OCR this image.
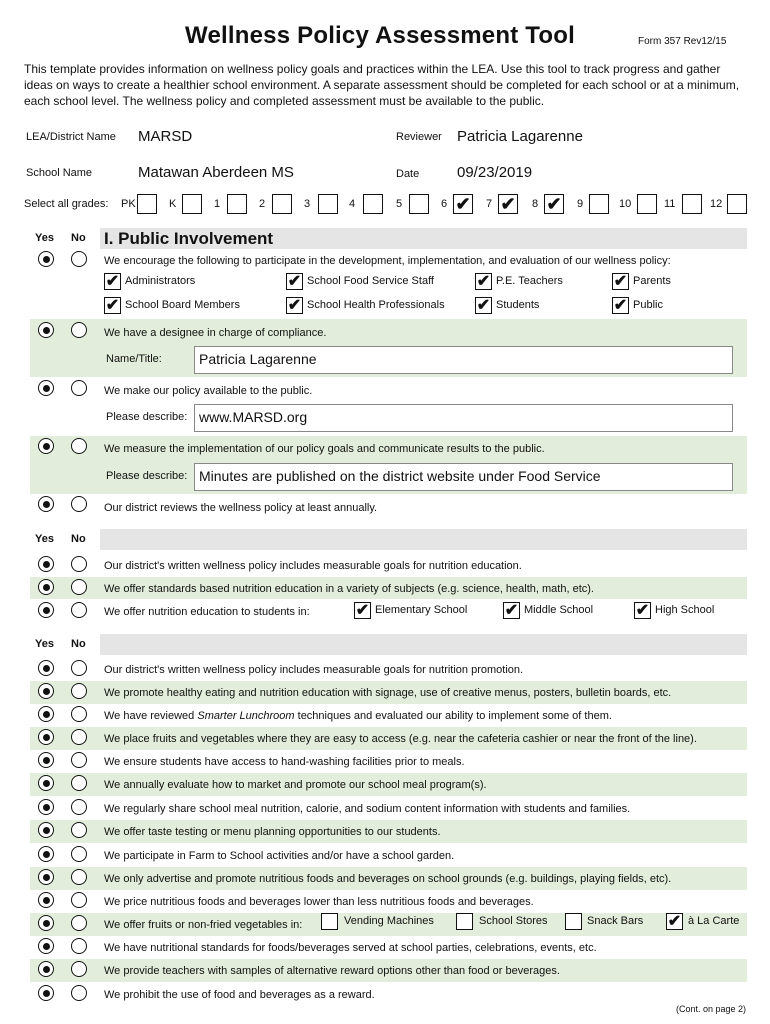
Wellness Policy Assessment Tool	Form 357 Rev12/15
This template provides information on wellness policy goals and practices within the LEA. Use this tool to track progress and gather ideas on ways to create a healthier school environment. A separate assessment should be completed for each school or at a minimum, each school level. The wellness policy and completed assessment must be available to the public.
LEA/District Name MARSD	Reviewer Patricia Lagarenne
School Name	Matawan Aberdeen MS	Date	09/23/2019
Select all grades: PK	K	1	2	3	4	5	6 ✔ 7 ✔ 8 ✔ 9	10	11	12
Yes No I. Public Involvement
We encourage the following to participate in the development, implementation, and evaluation of our wellness policy:
✔ Administrators	✔ School Food Service Staff	✔ P.E. Teachers	✔ Parents
✔ School Board Members	✔ School Health Professionals ✔ Students	✔ Public
We have a designee in charge of compliance.
Name/Title:	Patricia Lagarenne
We make our policy available to the public.
Please describe: www.MARSD.org
We measure the implementation of our policy goals and communicate results to the public.
Please describe: Minutes are published on the district website under Food Service
Our district reviews the wellness policy at least annually.
Yes No
Our district's written wellness policy includes measurable goals for nutrition education.
We offer standards based nutrition education in a variety of subjects (e.g. science, health, math, etc).
We offer nutrition education to students in:	✔ Elementary School ✔ Middle School	✔ High School
Yes No
Our district's written wellness policy includes measurable goals for nutrition promotion.
We promote healthy eating and nutrition education with signage, use of creative menus, posters, bulletin boards, etc.
We have reviewed Smarter Lunchroom techniques and evaluated our ability to implement some of them.
We place fruits and vegetables where they are easy to access (e.g. near the cafeteria cashier or near the front of the line).
We ensure students have access to hand-washing facilities prior to meals.
We annually evaluate how to market and promote our school meal program(s).
We regularly share school meal nutrition, calorie, and sodium content information with students and families.
We offer taste testing or menu planning opportunities to our students.
We participate in Farm to School activities and/or have a school garden.
We only advertise and promote nutritious foods and beverages on school grounds (e.g. buildings, playing fields, etc).
We price nutritious foods and beverages lower than less nutritious foods and beverages.
We offer fruits or non-fried vegetables in:
We have nutritional standards for foods/beverages served at school parties, celebrations, events, etc.
We provide teachers with samples of alternative reward options other than food or beverages.
We prohibit the use of food and beverages as a reward.
Vending Machines	School Stores	Snack Bars ✔ à La Carte
(Cont. on page 2)
